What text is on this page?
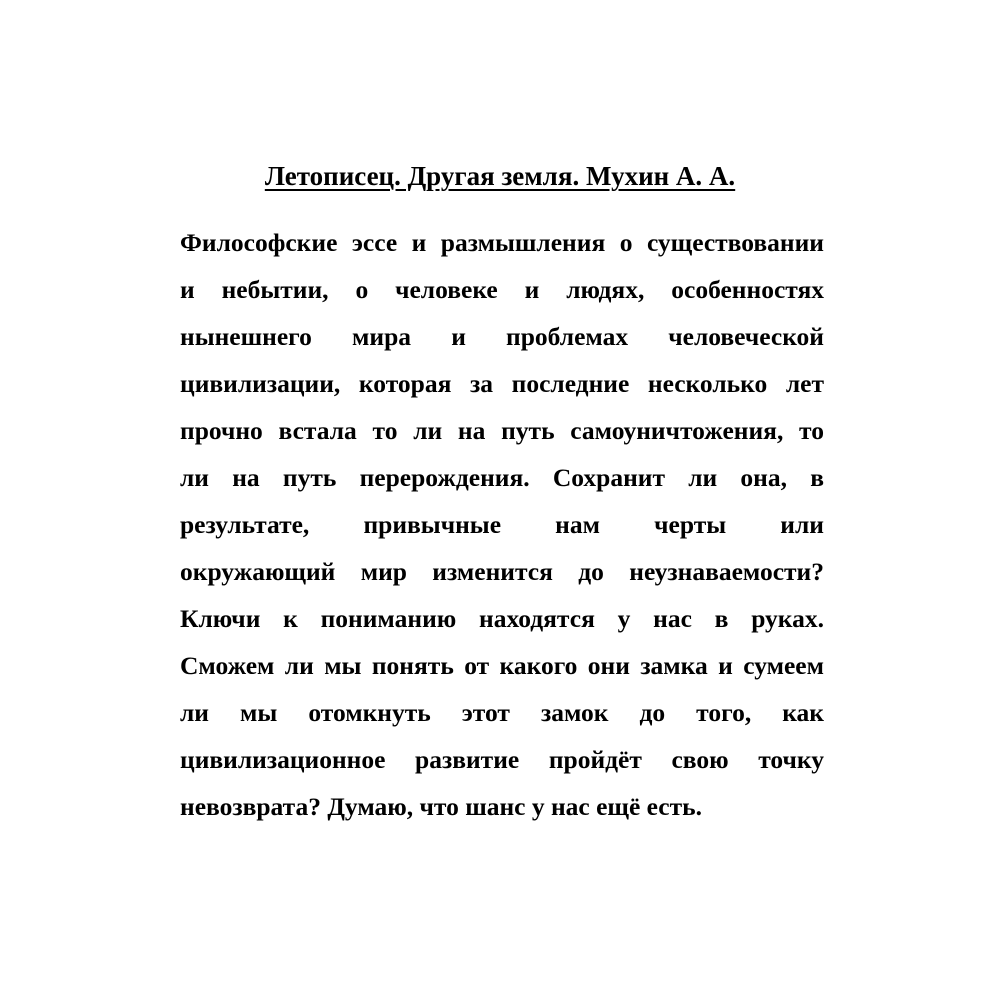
Летописец. Другая земля. Мухин А. А.
Философские эссе и размышления о существовании
и небытии, о человеке и людях, особенностях
нынешнего мира и проблемах человеческой
цивилизации, которая за последние несколько лет
прочно встала то ли на путь самоуничтожения, то
ли на путь перерождения. Сохранит ли она, в
результате, привычные нам черты или
окружающий мир изменится до неузнаваемости?
Ключи к пониманию находятся у нас в руках.
Сможем ли мы понять от какого они замка и сумеем
ли мы отомкнуть этот замок до того, как
цивилизационное развитие пройдёт свою точку
невозврата? Думаю, что шанс у нас ещё есть.
